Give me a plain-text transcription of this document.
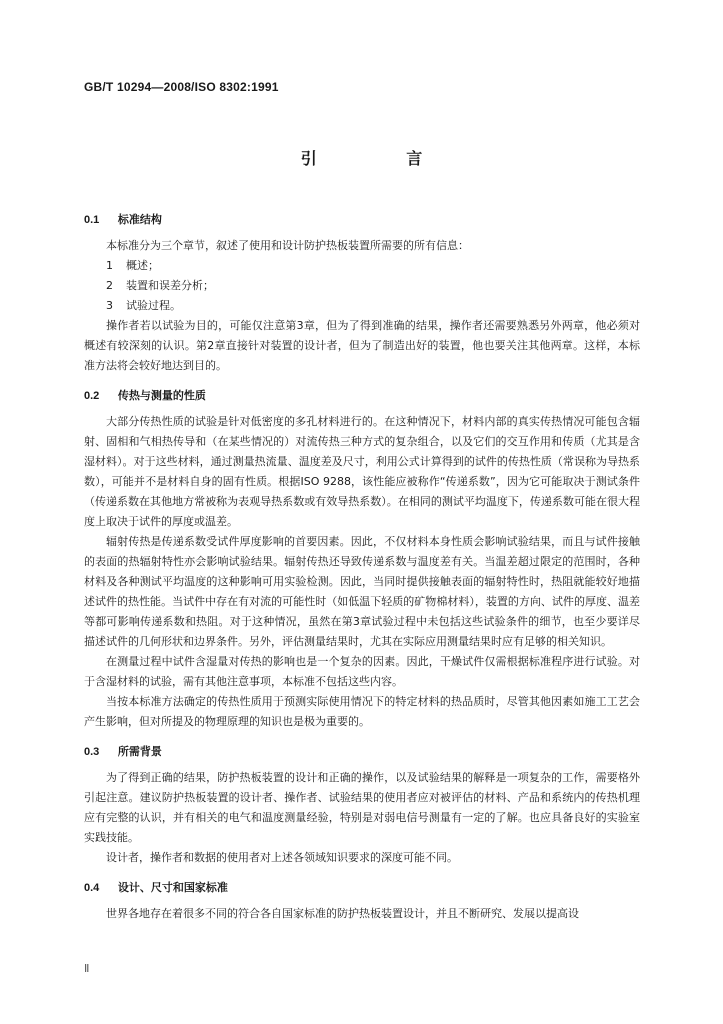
GB/T 10294—2008/ISO 8302:1991
引 言
0.1 标准结构

本标准分为三个章节，叙述了使用和设计防护热板装置所需要的所有信息：

1 概述；

2 装置和误差分析；

3 试验过程。

操作者若以试验为目的，可能仅注意第3章，但为了得到准确的结果，操作者还需要熟悉另外两章，他必须对概述有较深刻的认识。第2章直接针对装置的设计者，但为了制造出好的装置，他也要关注其他两章。这样，本标准方法将会较好地达到目的。

0.2 传热与测量的性质

大部分传热性质的试验是针对低密度的多孔材料进行的。在这种情况下，材料内部的真实传热情况可能包含辐射、固相和气相热传导和（在某些情况的）对流传热三种方式的复杂组合，以及它们的交互作用和传质（尤其是含湿材料）。对于这些材料，通过测量热流量、温度差及尺寸，利用公式计算得到的试件的传热性质（常误称为导热系数），可能并不是材料自身的固有性质。根据ISO 9288，该性能应被称作“传递系数”，因为它可能取决于测试条件（传递系数在其他地方常被称为表观导热系数或有效导热系数）。在相同的测试平均温度下，传递系数可能在很大程度上取决于试件的厚度或温差。

辐射传热是传递系数受试件厚度影响的首要因素。因此，不仅材料本身性质会影响试验结果，而且与试件接触的表面的热辐射特性亦会影响试验结果。辐射传热还导致传递系数与温度差有关。当温差超过限定的范围时，各种材料及各种测试平均温度的这种影响可用实验检测。因此，当同时提供接触表面的辐射特性时，热阻就能较好地描述试件的热性能。当试件中存在有对流的可能性时（如低温下轻质的矿物棉材料），装置的方向、试件的厚度、温差等都可影响传递系数和热阻。对于这种情况，虽然在第3章试验过程中未包括这些试验条件的细节，也至少要详尽描述试件的几何形状和边界条件。另外，评估测量结果时，尤其在实际应用测量结果时应有足够的相关知识。

在测量过程中试件含湿量对传热的影响也是一个复杂的因素。因此，干燥试件仅需根据标准程序进行试验。对于含湿材料的试验，需有其他注意事项，本标准不包括这些内容。

当按本标准方法确定的传热性质用于预测实际使用情况下的特定材料的热品质时，尽管其他因素如施工工艺会产生影响，但对所提及的物理原理的知识也是极为重要的。

0.3 所需背景

为了得到正确的结果，防护热板装置的设计和正确的操作，以及试验结果的解释是一项复杂的工作，需要格外引起注意。建议防护热板装置的设计者、操作者、试验结果的使用者应对被评估的材料、产品和系统内的传热机理应有完整的认识，并有相关的电气和温度测量经验，特别是对弱电信号测量有一定的了解。也应具备良好的实验室实践技能。

设计者，操作者和数据的使用者对上述各领域知识要求的深度可能不同。

0.4 设计、尺寸和国家标准

世界各地存在着很多不同的符合各自国家标准的防护热板装置设计，并且不断研究、发展以提高设

Ⅱ
